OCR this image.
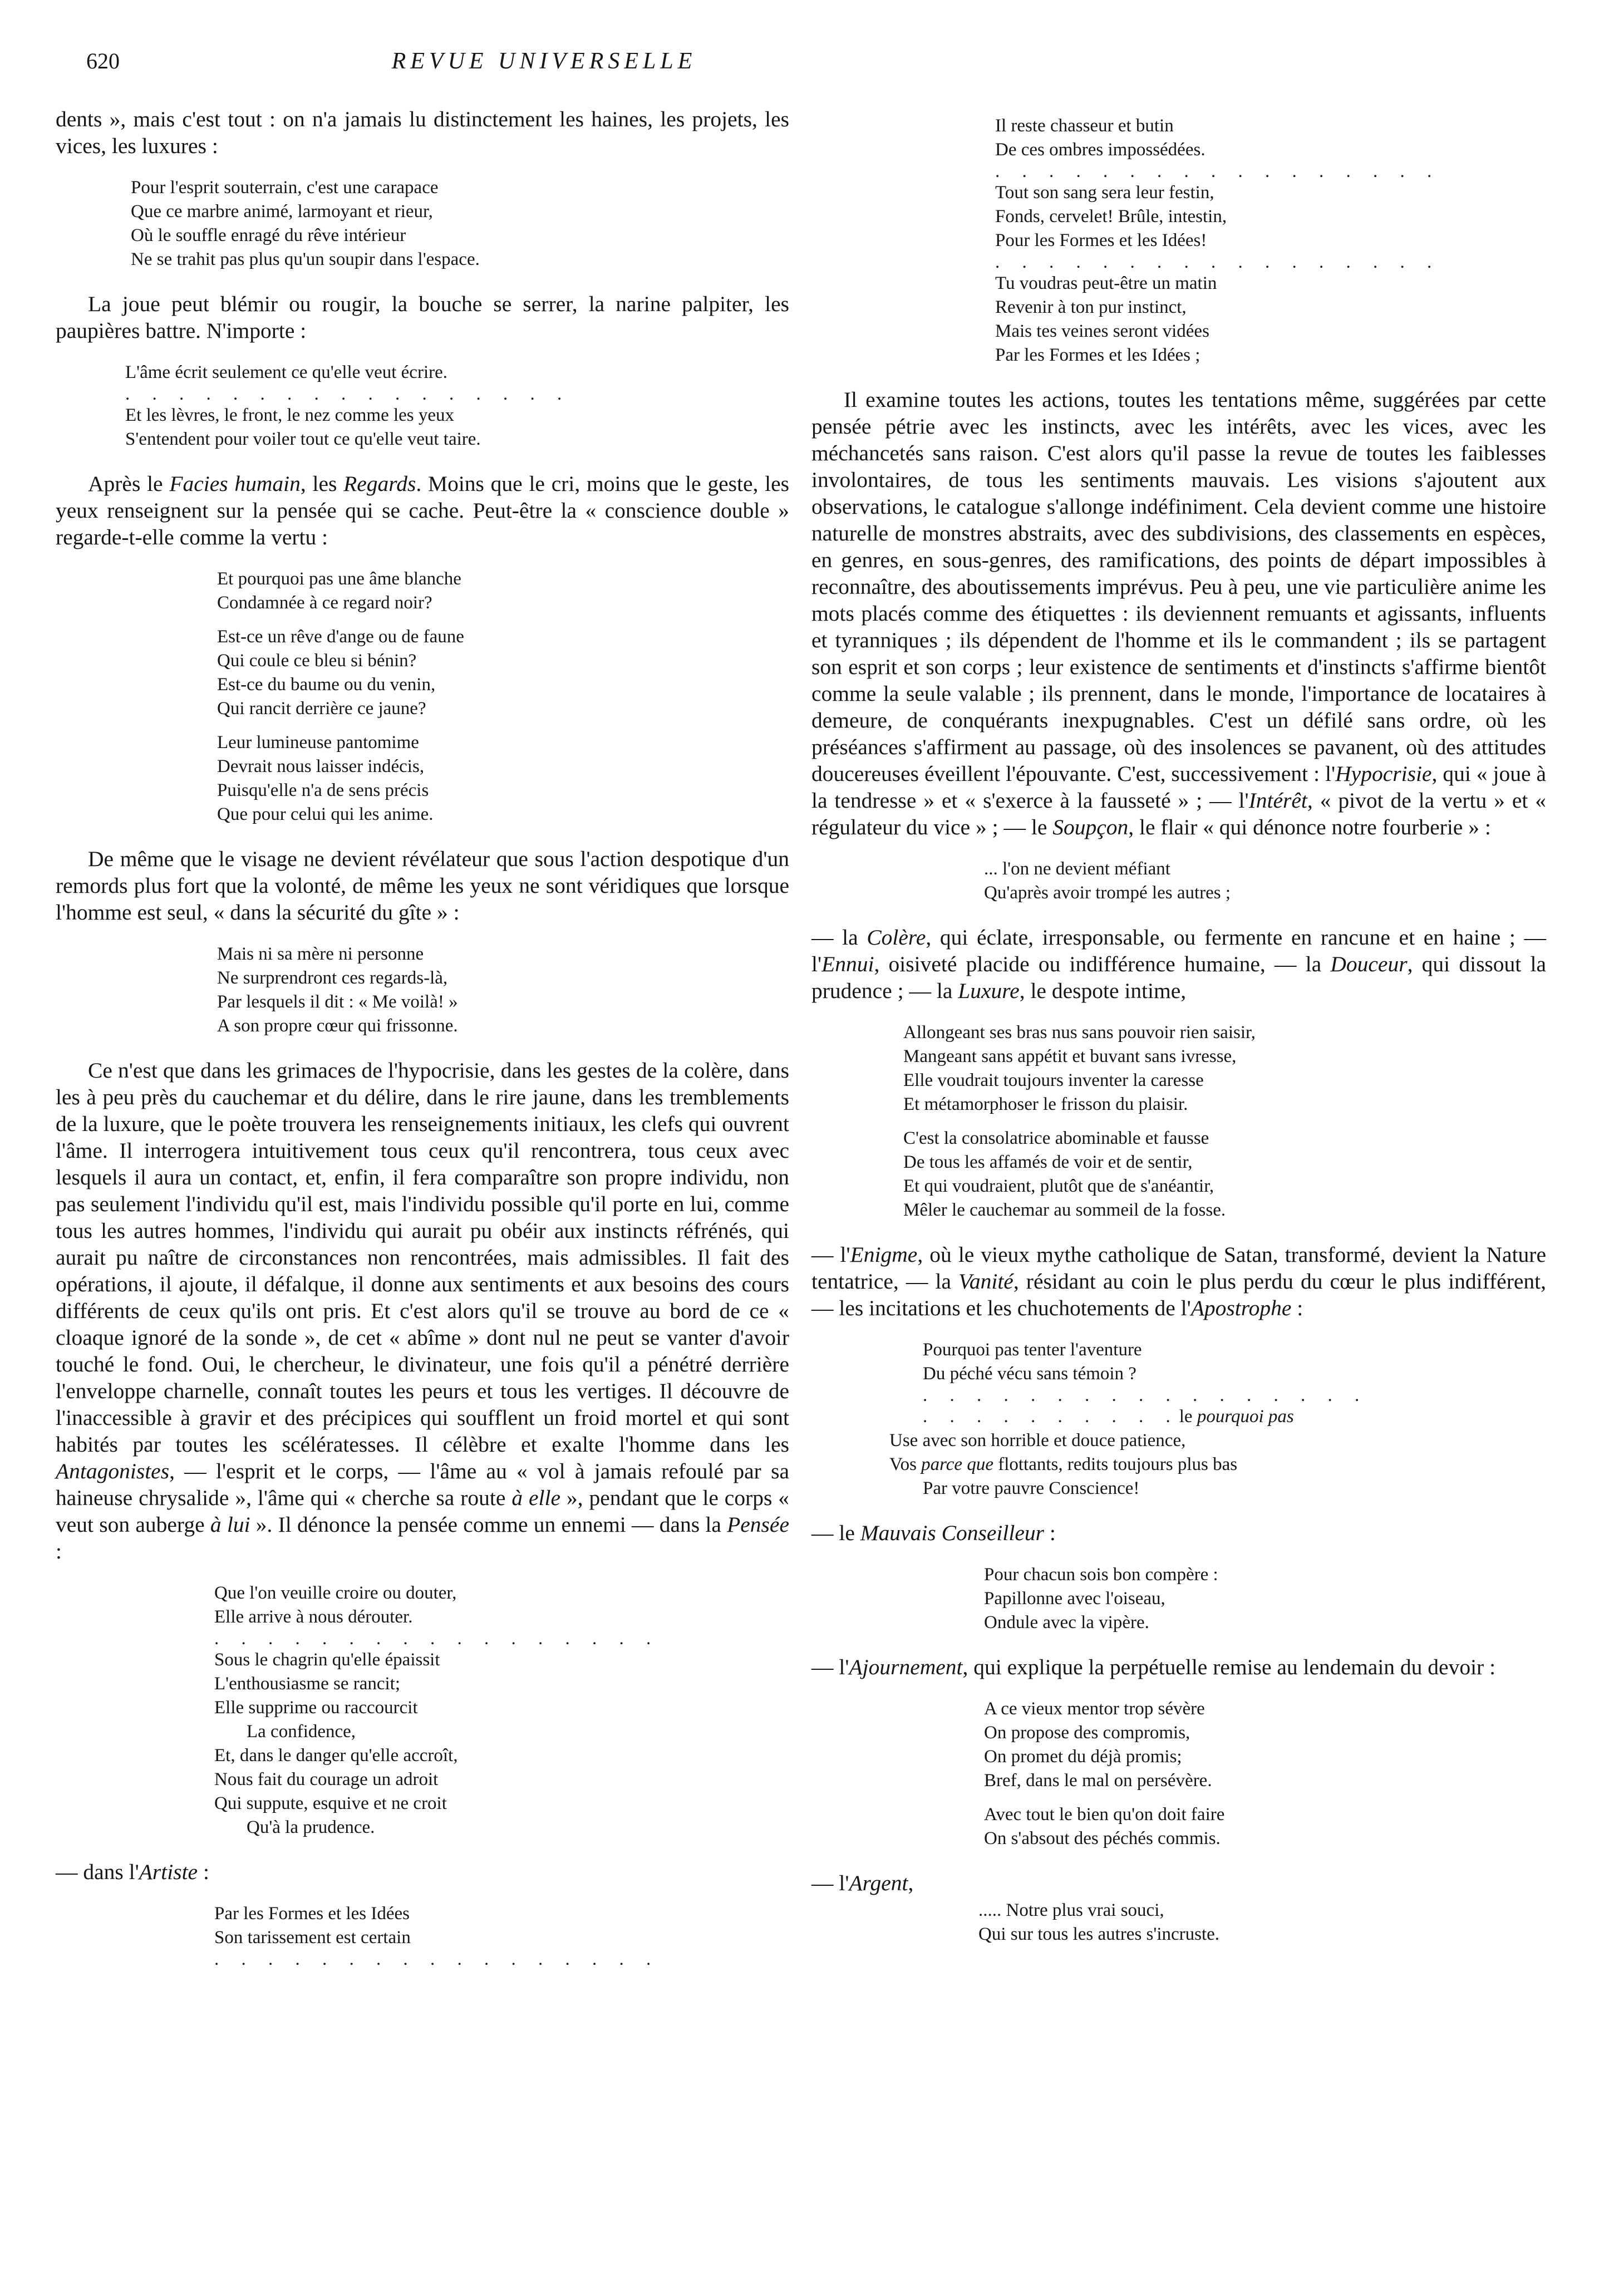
620	REVUE UNIVERSELLE

dents », mais c'est tout : on n'a jamais lu distinctement les haines, les projets, les vices, les luxures :

Pour l'esprit souterrain, c'est une carapace
Que ce marbre animé, larmoyant et rieur,
Où le souffle enragé du rêve intérieur
Ne se trahit pas plus qu'un soupir dans l'espace.

La joue peut blémir ou rougir, la bouche se serrer, la narine palpiter, les paupières battre. N'importe :

L'âme écrit seulement ce qu'elle veut écrire.
. . . . . . . . . . . . . . . . .
Et les lèvres, le front, le nez comme les yeux
S'entendent pour voiler tout ce qu'elle veut taire.

Après le Facies humain, les Regards. Moins que le cri, moins que le geste, les yeux renseignent sur la pensée qui se cache. Peut-être la « conscience double » regarde-t-elle comme la vertu :

Et pourquoi pas une âme blanche
Condamnée à ce regard noir?
Est-ce un rêve d'ange ou de faune
Qui coule ce bleu si bénin?
Est-ce du baume ou du venin,
Qui rancit derrière ce jaune?
Leur lumineuse pantomime
Devrait nous laisser indécis,
Puisqu'elle n'a de sens précis
Que pour celui qui les anime.

De même que le visage ne devient révélateur que sous l'action despotique d'un remords plus fort que la volonté, de même les yeux ne sont véridiques que lorsque l'homme est seul, « dans la sécurité du gîte » :

Mais ni sa mère ni personne
Ne surprendront ces regards-là,
Par lesquels il dit : « Me voilà! »
A son propre cœur qui frissonne.

Ce n'est que dans les grimaces de l'hypocrisie, dans les gestes de la colère, dans les à peu près du cauchemar et du délire, dans le rire jaune, dans les tremblements de la luxure, que le poète trouvera les renseignements initiaux, les clefs qui ouvrent l'âme. Il interrogera intuitivement tous ceux qu'il rencontrera, tous ceux avec lesquels il aura un contact, et, enfin, il fera comparaître son propre individu, non pas seulement l'individu qu'il est, mais l'individu possible qu'il porte en lui, comme tous les autres hommes, l'individu qui aurait pu obéir aux instincts réfrénés, qui aurait pu naître de circonstances non rencontrées, mais admissibles. Il fait des opérations, il ajoute, il défalque, il donne aux sentiments et aux besoins des cours différents de ceux qu'ils ont pris. Et c'est alors qu'il se trouve au bord de ce « cloaque ignoré de la sonde », de cet « abîme » dont nul ne peut se vanter d'avoir touché le fond. Oui, le chercheur, le divinateur, une fois qu'il a pénétré derrière l'enveloppe charnelle, connaît toutes les peurs et tous les vertiges. Il découvre de l'inaccessible à gravir et des précipices qui soufflent un froid mortel et qui sont habités par toutes les scélératesses. Il célèbre et exalte l'homme dans les Antagonistes, — l'esprit et le corps, — l'âme au « vol à jamais refoulé par sa haineuse chrysalide », l'âme qui « cherche sa route à elle », pendant que le corps « veut son auberge à lui ». Il dénonce la pensée comme un ennemi — dans la Pensée :

Que l'on veuille croire ou douter,
Elle arrive à nous dérouter.
. . . . . . . . . . . . . . . . .
Sous le chagrin qu'elle épaissit
L'enthousiasme se rancit;
Elle supprime ou raccourcit
La confidence,
Et, dans le danger qu'elle accroît,
Nous fait du courage un adroit
Qui suppute, esquive et ne croit
Qu'à la prudence.

— dans l'Artiste :

Par les Formes et les Idées
Son tarissement est certain
. . . . . . . . . . . . . . . . .
Il reste chasseur et butin
De ces ombres impossédées.
. . . . . . . . . . . . . . . . .
Tout son sang sera leur festin,
Fonds, cervelet! Brûle, intestin,
Pour les Formes et les Idées!
. . . . . . . . . . . . . . . . .
Tu voudras peut-être un matin
Revenir à ton pur instinct,
Mais tes veines seront vidées
Par les Formes et les Idées ;

Il examine toutes les actions, toutes les tentations même, suggérées par cette pensée pétrie avec les instincts, avec les intérêts, avec les vices, avec les méchancetés sans raison. C'est alors qu'il passe la revue de toutes les faiblesses involontaires, de tous les sentiments mauvais. Les visions s'ajoutent aux observations, le catalogue s'allonge indéfiniment. Cela devient comme une histoire naturelle de monstres abstraits, avec des subdivisions, des classements en espèces, en genres, en sous-genres, des ramifications, des points de départ impossibles à reconnaître, des aboutissements imprévus. Peu à peu, une vie particulière anime les mots placés comme des étiquettes : ils deviennent remuants et agissants, influents et tyranniques ; ils dépendent de l'homme et ils le commandent ; ils se partagent son esprit et son corps ; leur existence de sentiments et d'instincts s'affirme bientôt comme la seule valable ; ils prennent, dans le monde, l'importance de locataires à demeure, de conquérants inexpugnables. C'est un défilé sans ordre, où les préséances s'affirment au passage, où des insolences se pavanent, où des attitudes doucereuses éveillent l'épouvante. C'est, successivement : l'Hypocrisie, qui « joue à la tendresse » et « s'exerce à la fausseté » ; — l'Intérêt, « pivot de la vertu » et « régulateur du vice » ; — le Soupçon, le flair « qui dénonce notre fourberie » :

... l'on ne devient méfiant
Qu'après avoir trompé les autres ;

— la Colère, qui éclate, irresponsable, ou fermente en rancune et en haine ; — l'Ennui, oisiveté placide ou indifférence humaine, — la Douceur, qui dissout la prudence ; — la Luxure, le despote intime,

Allongeant ses bras nus sans pouvoir rien saisir,
Mangeant sans appétit et buvant sans ivresse,
Elle voudrait toujours inventer la caresse
Et métamorphoser le frisson du plaisir.
C'est la consolatrice abominable et fausse
De tous les affamés de voir et de sentir,
Et qui voudraient, plutôt que de s'anéantir,
Mêler le cauchemar au sommeil de la fosse.

— l'Enigme, où le vieux mythe catholique de Satan, transformé, devient la Nature tentatrice, — la Vanité, résidant au coin le plus perdu du cœur le plus indifférent, — les incitations et les chuchotements de l'Apostrophe :

Pourquoi pas tenter l'aventure
Du péché vécu sans témoin ?
. . . . . . . . . . . . . . . . .
. . . . . . . . . .le pourquoi pas
Use avec son horrible et douce patience,
Vos parce que flottants, redits toujours plus bas
Par votre pauvre Conscience!

— le Mauvais Conseilleur :

Pour chacun sois bon compère :
Papillonne avec l'oiseau,
Ondule avec la vipère.

— l'Ajournement, qui explique la perpétuelle remise au lendemain du devoir :

A ce vieux mentor trop sévère
On propose des compromis,
On promet du déjà promis;
Bref, dans le mal on persévère.
Avec tout le bien qu'on doit faire
On s'absout des péchés commis.

— l'Argent,

..... Notre plus vrai souci,
Qui sur tous les autres s'incruste.
